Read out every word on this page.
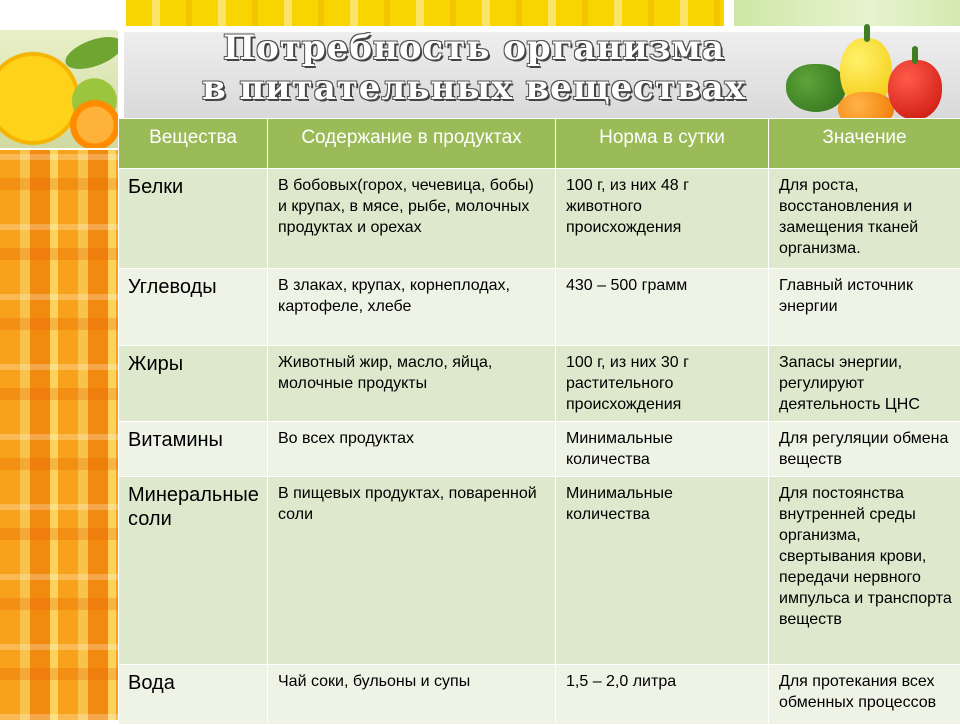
Потребность организма
в питательных веществах
Вещества	Содержание в продуктах	Норма в сутки	Значение
Белки	В бобовых(горох, чечевица, бобы) и крупах, в мясе, рыбе, молочных продуктах и орехах	100 г, из них 48 г животного происхождения	Для роста, восстановления и замещения тканей организма.
Углеводы	В злаках, крупах, корнеплодах, картофеле, хлебе	430 – 500 грамм	Главный источник энергии
Жиры	Животный жир, масло, яйца, молочные продукты	100 г, из них 30 г растительного происхождения	Запасы энергии, регулируют деятельность ЦНС
Витамины	Во всех продуктах	Минимальные количества	Для регуляции обмена веществ
Минеральные соли	В пищевых продуктах, поваренной соли	Минимальные количества	Для постоянства внутренней среды организма, свертывания крови, передачи нервного импульса и транспорта веществ
Вода	Чай соки, бульоны и супы	1,5 – 2,0 литра	Для протекания всех обменных процессов
